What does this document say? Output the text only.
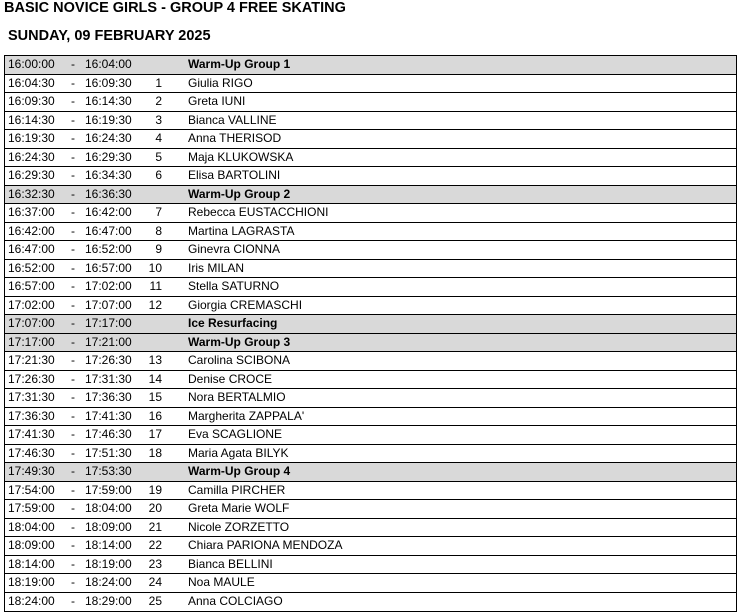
BASIC NOVICE GIRLS - GROUP 4 FREE SKATING
SUNDAY, 09 FEBRUARY 2025
16:00:00 - 16:04:00	Warm-Up Group 1
16:04:30 - 16:09:30	1 Giulia RIGO
16:09:30 - 16:14:30	2 Greta IUNI
16:14:30 - 16:19:30	3 Bianca VALLINE
16:19:30 - 16:24:30	4 Anna THERISOD
16:24:30 - 16:29:30	5 Maja KLUKOWSKA
16:29:30 - 16:34:30	6 Elisa BARTOLINI
16:32:30 - 16:36:30	Warm-Up Group 2
16:37:00 - 16:42:00	7 Rebecca EUSTACCHIONI
16:42:00 - 16:47:00	8 Martina LAGRASTA
16:47:00 - 16:52:00	9 Ginevra CIONNA
16:52:00 - 16:57:00 10 Iris MILAN
16:57:00 - 17:02:00 11 Stella SATURNO
17:02:00 - 17:07:00 12 Giorgia CREMASCHI
17:07:00 - 17:17:00	Ice Resurfacing
17:17:00 - 17:21:00	Warm-Up Group 3
17:21:30 - 17:26:30 13 Carolina SCIBONA
17:26:30 - 17:31:30 14 Denise CROCE
17:31:30 - 17:36:30 15 Nora BERTALMIO
17:36:30 - 17:41:30 16 Margherita ZAPPALA'
17:41:30 - 17:46:30 17 Eva SCAGLIONE
17:46:30 - 17:51:30 18 Maria Agata BILYK
17:49:30 - 17:53:30	Warm-Up Group 4
17:54:00 - 17:59:00 19 Camilla PIRCHER
17:59:00 - 18:04:00 20 Greta Marie WOLF
18:04:00 - 18:09:00 21 Nicole ZORZETTO
18:09:00 - 18:14:00 22 Chiara PARIONA MENDOZA
18:14:00 - 18:19:00 23 Bianca BELLINI
18:19:00 - 18:24:00 24 Noa MAULE
18:24:00 - 18:29:00 25 Anna COLCIAGO
